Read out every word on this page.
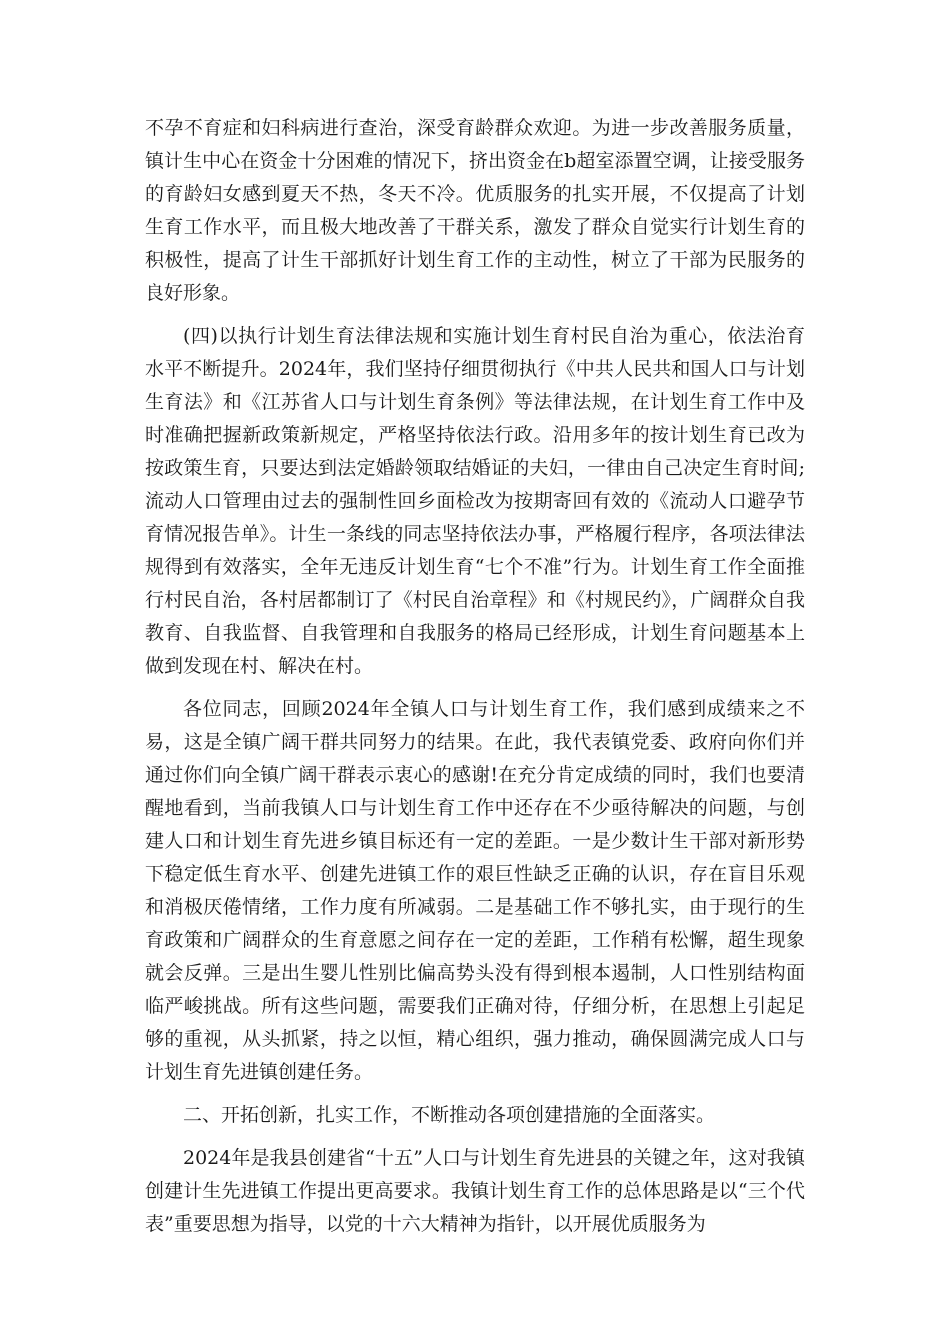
不孕不育症和妇科病进行查治，深受育龄群众欢迎。为进一步改善服务质量，镇计生中心在资金十分困难的情况下，挤出资金在b超室添置空调，让接受服务的育龄妇女感到夏天不热，冬天不冷。优质服务的扎实开展，不仅提高了计划生育工作水平，而且极大地改善了干群关系，激发了群众自觉实行计划生育的积极性，提高了计生干部抓好计划生育工作的主动性，树立了干部为民服务的良好形象。

(四)以执行计划生育法律法规和实施计划生育村民自治为重心，依法治育水平不断提升。2024年，我们坚持仔细贯彻执行《中共人民共和国人口与计划生育法》和《江苏省人口与计划生育条例》等法律法规，在计划生育工作中及时准确把握新政策新规定，严格坚持依法行政。沿用多年的按计划生育已改为按政策生育，只要达到法定婚龄领取结婚证的夫妇，一律由自己决定生育时间;流动人口管理由过去的强制性回乡面检改为按期寄回有效的《流动人口避孕节育情况报告单》。计生一条线的同志坚持依法办事，严格履行程序，各项法律法规得到有效落实，全年无违反计划生育“七个不准”行为。计划生育工作全面推行村民自治，各村居都制订了《村民自治章程》和《村规民约》，广阔群众自我教育、自我监督、自我管理和自我服务的格局已经形成，计划生育问题基本上做到发现在村、解决在村。

各位同志，回顾2024年全镇人口与计划生育工作，我们感到成绩来之不易，这是全镇广阔干群共同努力的结果。在此，我代表镇党委、政府向你们并通过你们向全镇广阔干群表示衷心的感谢!在充分肯定成绩的同时，我们也要清醒地看到，当前我镇人口与计划生育工作中还存在不少亟待解决的问题，与创建人口和计划生育先进乡镇目标还有一定的差距。一是少数计生干部对新形势下稳定低生育水平、创建先进镇工作的艰巨性缺乏正确的认识，存在盲目乐观和消极厌倦情绪，工作力度有所减弱。二是基础工作不够扎实，由于现行的生育政策和广阔群众的生育意愿之间存在一定的差距，工作稍有松懈，超生现象就会反弹。三是出生婴儿性别比偏高势头没有得到根本遏制，人口性别结构面临严峻挑战。所有这些问题，需要我们正确对待，仔细分析，在思想上引起足够的重视，从头抓紧，持之以恒，精心组织，强力推动，确保圆满完成人口与计划生育先进镇创建任务。

二、开拓创新，扎实工作，不断推动各项创建措施的全面落实。

2024年是我县创建省“十五”人口与计划生育先进县的关键之年，这对我镇创建计生先进镇工作提出更高要求。我镇计划生育工作的总体思路是以“三个代表”重要思想为指导，以党的十六大精神为指针，以开展优质服务为
